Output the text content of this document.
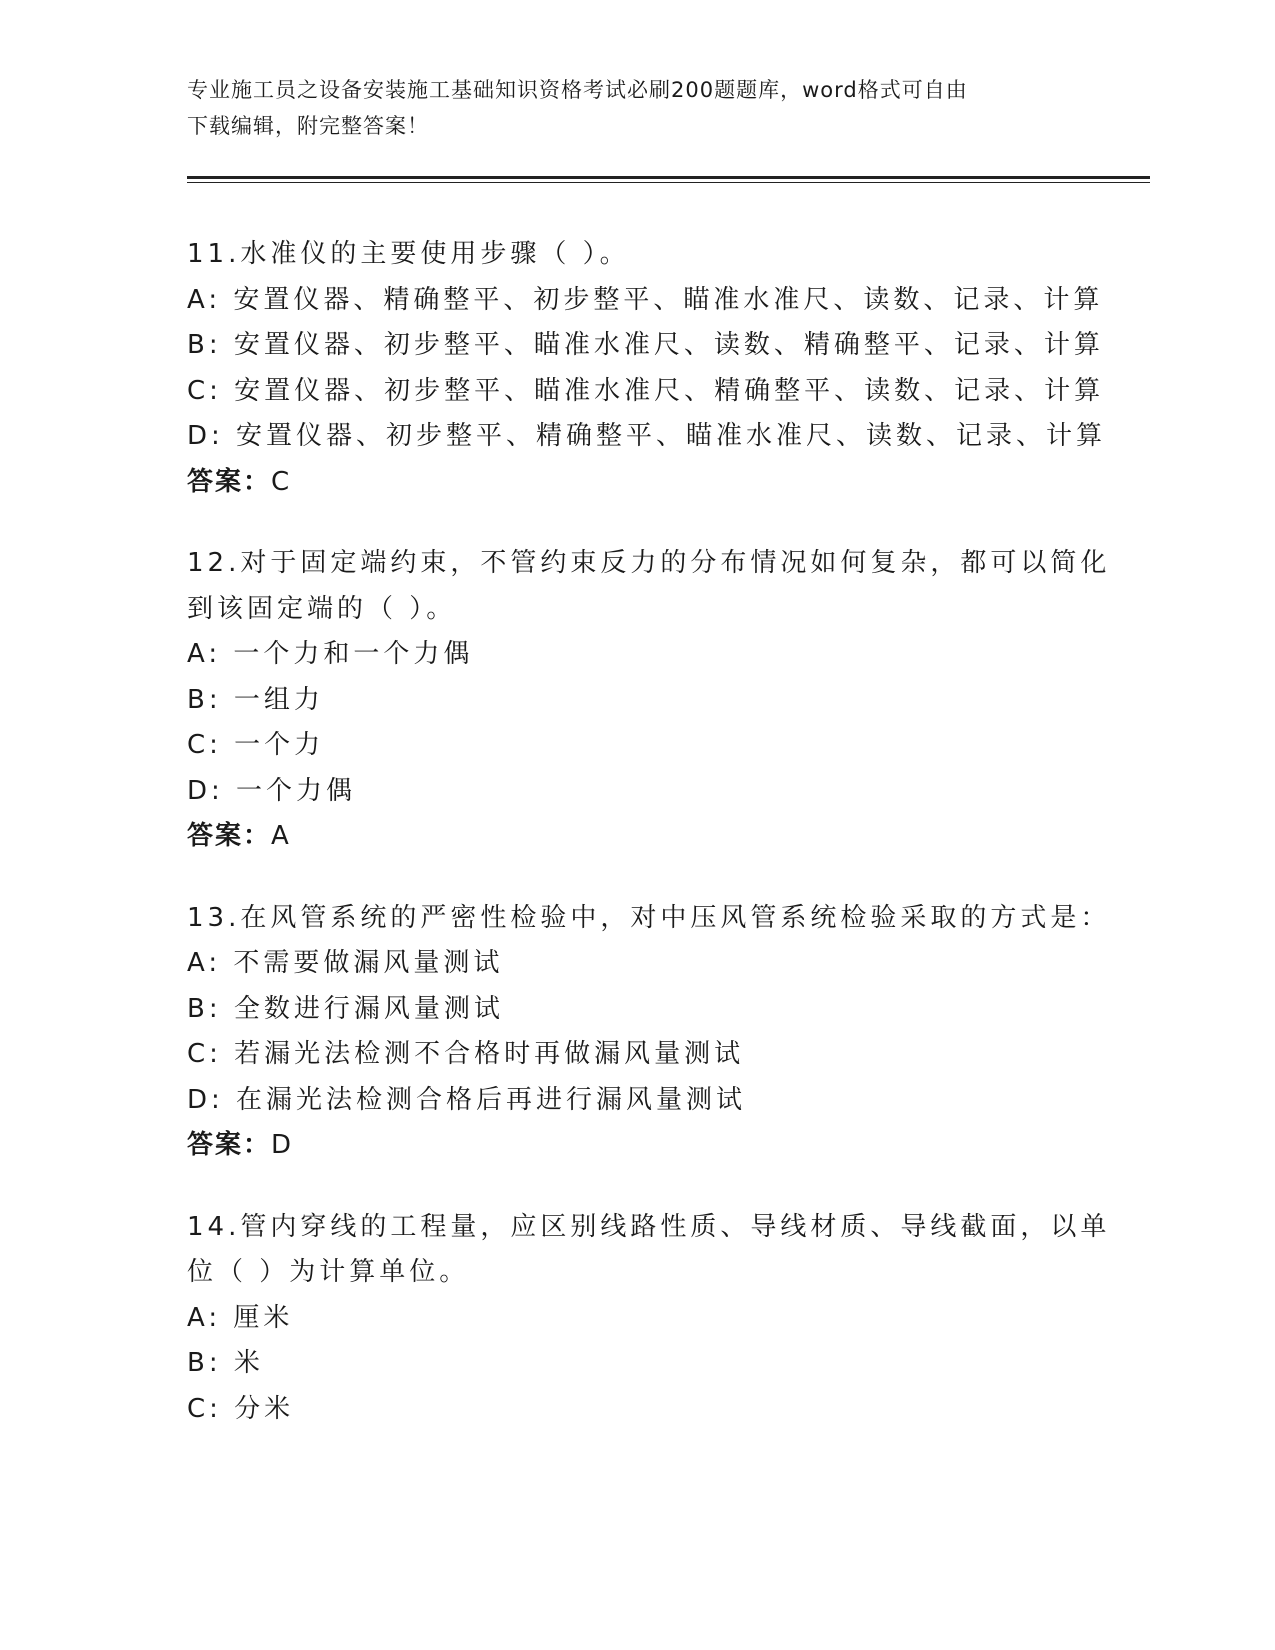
专业施工员之设备安装施工基础知识资格考试必刷200题题库，word格式可自由
下载编辑，附完整答案！
11.水准仪的主要使用步骤（ ）。
A: 安置仪器、精确整平、初步整平、瞄准水准尺、读数、记录、计算
B: 安置仪器、初步整平、瞄准水准尺、读数、精确整平、记录、计算
C: 安置仪器、初步整平、瞄准水准尺、精确整平、读数、记录、计算
D: 安置仪器、初步整平、精确整平、瞄准水准尺、读数、记录、计算
答案：C
12.对于固定端约束，不管约束反力的分布情况如何复杂，都可以简化
到该固定端的（ ）。
A: 一个力和一个力偶
B: 一组力
C: 一个力
D: 一个力偶
答案：A
13.在风管系统的严密性检验中，对中压风管系统检验采取的方式是：
A: 不需要做漏风量测试
B: 全数进行漏风量测试
C: 若漏光法检测不合格时再做漏风量测试
D: 在漏光法检测合格后再进行漏风量测试
答案：D
14.管内穿线的工程量，应区别线路性质、导线材质、导线截面，以单
位（ ）为计算单位。
A: 厘米
B: 米
C: 分米
